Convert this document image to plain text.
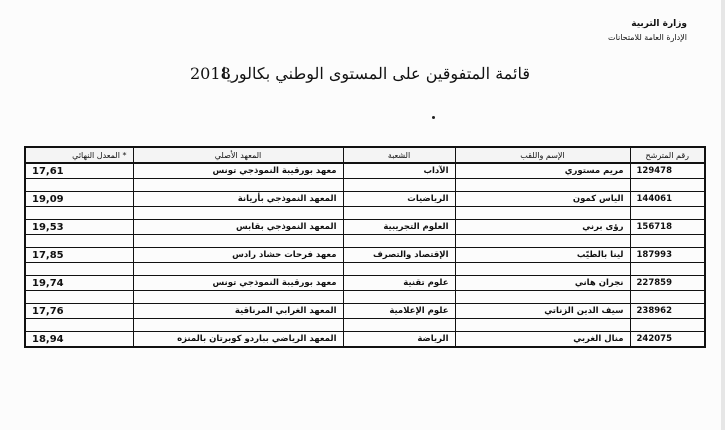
وزارة التربية
الإدارة العامة للامتحانات
2018
قائمة المتفوقين على المستوى الوطني بكالوريا
المعدل النهائي *	المعهد الأصلي	الشعبة	الإسم واللقب	رقم المترشح
17,61	معهد بورقيبة النموذجي تونس	الآداب	مريم مستوري	129478

19,09	المعهد النموذجي بأريانة	الرياضيات	الياس كمون	144061

19,53	المعهد النموذجي بقابس	العلوم التجريبية	رؤى برني	156718

17,85	معهد فرحات حشاد رادس	الإقتصاد والتصرف	لينا بالطيّب	187993

19,74	معهد بورقيبة النموذجي تونس	علوم تقنية	نجران هاني	227859

17,76	المعهد الغرابي المرناقية	علوم الإعلامية	سيف الدين الزناتي	238962

18,94	المعهد الرياضي بباردو كوبرتان بالمنزه	الرياضة	منال الغربي	242075
